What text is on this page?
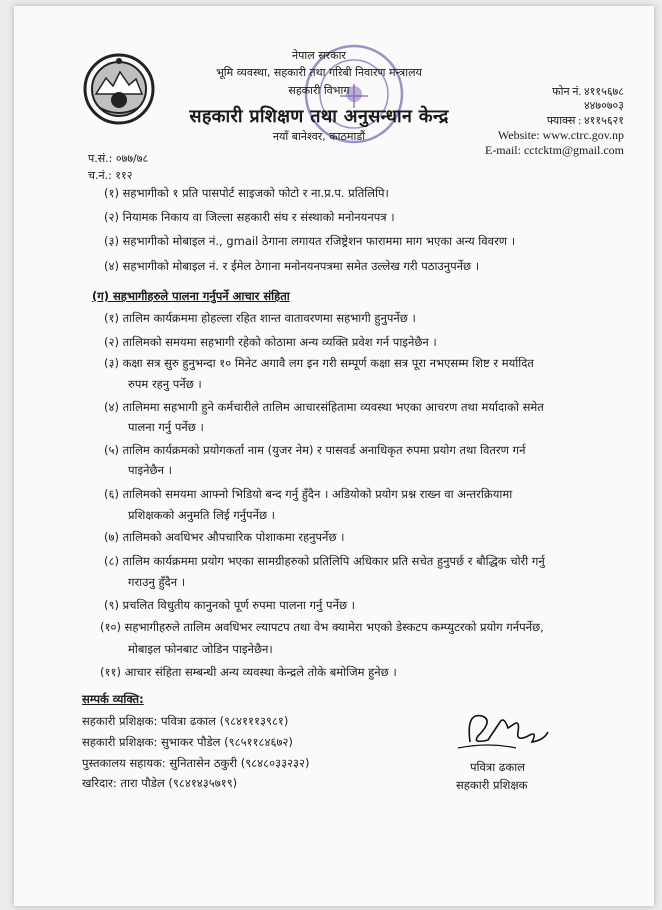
नेपाल सरकार
भूमि व्यवस्था, सहकारी तथा गरिबी निवारण मन्त्रालय
सहकारी विभाग
सहकारी प्रशिक्षण तथा अनुसन्धान केन्द्र
नयाँ बानेश्वर, काठमाडौं
फोन नं. ४११५६७८
४४७०७०३
फ्याक्स : ४११५६२१
Website: www.ctrc.gov.np
E-mail: cctcktm@gmail.com
प.सं.: ०७७/७८
च.नं.: ११२
(१) सहभागीको १ प्रति पासपोर्ट साइजको फोटो र ना.प्र.प. प्रतिलिपि।
(२) नियामक निकाय वा जिल्ला सहकारी संघ र संस्थाको मनोनयनपत्र ।
(३) सहभागीको मोबाइल नं., gmail ठेगाना लगायत रजिष्ट्रेशन फाराममा माग भएका अन्य विवरण ।
(४) सहभागीको मोबाइल नं. र ईमेल ठेगाना मनोनयनपत्रमा समेत उल्लेख गरी पठाउनुपर्नेछ ।
(ग) सहभागीहरुले पालना गर्नुपर्ने आचार संहिता
(१) तालिम कार्यक्रममा होहल्ला रहित शान्त वातावरणमा सहभागी हुनुपर्नेछ ।
(२) तालिमको समयमा सहभागी रहेको कोठामा अन्य व्यक्ति प्रवेश गर्न पाइनेछैन ।
(३) कक्षा सत्र सुरु हुनुभन्दा १० मिनेट अगावै लग इन गरी सम्पूर्ण कक्षा सत्र पूरा नभएसम्म शिष्ट र मर्यादित
रुपम रहनु पर्नेछ ।
(४) तालिममा सहभागी हुने कर्मचारीले तालिम आचारसंहितामा व्यवस्था भएका आचरण तथा मर्यादाको समेत
पालना गर्नु पर्नेछ ।
(५) तालिम कार्यक्रमको प्रयोगकर्ता नाम (युजर नेम) र पासवर्ड अनाधिकृत रुपमा प्रयोग तथा वितरण गर्न
पाइनेछैन ।
(६) तालिमको समयमा आफ्नो भिडियो बन्द गर्नु हुँदैन । अडियोको प्रयोग प्रश्न राख्न वा अन्तरक्रियामा
प्रशिक्षकको अनुमति लिई गर्नुपर्नेछ ।
(७) तालिमको अवधिभर औपचारिक पोशाकमा रहनुपर्नेछ ।
(८) तालिम कार्यक्रममा प्रयोग भएका सामग्रीहरुको प्रतिलिपि अधिकार प्रति सचेत हुनुपर्छ र बौद्धिक चोरी गर्नु
गराउनु हुँदैन ।
(९) प्रचलित विधुतीय कानुनको पूर्ण रुपमा पालना गर्नु पर्नेछ ।
(१०) सहभागीहरुले तालिम अवधिभर ल्यापटप तथा वेभ क्यामेरा भएको डेस्कटप कम्प्युटरको प्रयोग गर्नपर्नेछ,
मोबाइल फोनबाट जोडिन पाइनेछैन।
(११) आचार संहिता सम्बन्धी अन्य व्यवस्था केन्द्रले तोके बमोजिम हुनेछ ।
सम्पर्क व्यक्ति:
सहकारी प्रशिक्षक: पवित्रा ढकाल (९८४१११३९८१)
सहकारी प्रशिक्षक: सुभाकर पौडेल (९८५११८४६७२)
पुस्तकालय सहायक: सुनितासेन ठकुरी (९८४८०३३२३२)
खरिदार: तारा पौडेल (९८४१४३५७१९)
पवित्रा ढकाल
सहकारी प्रशिक्षक
